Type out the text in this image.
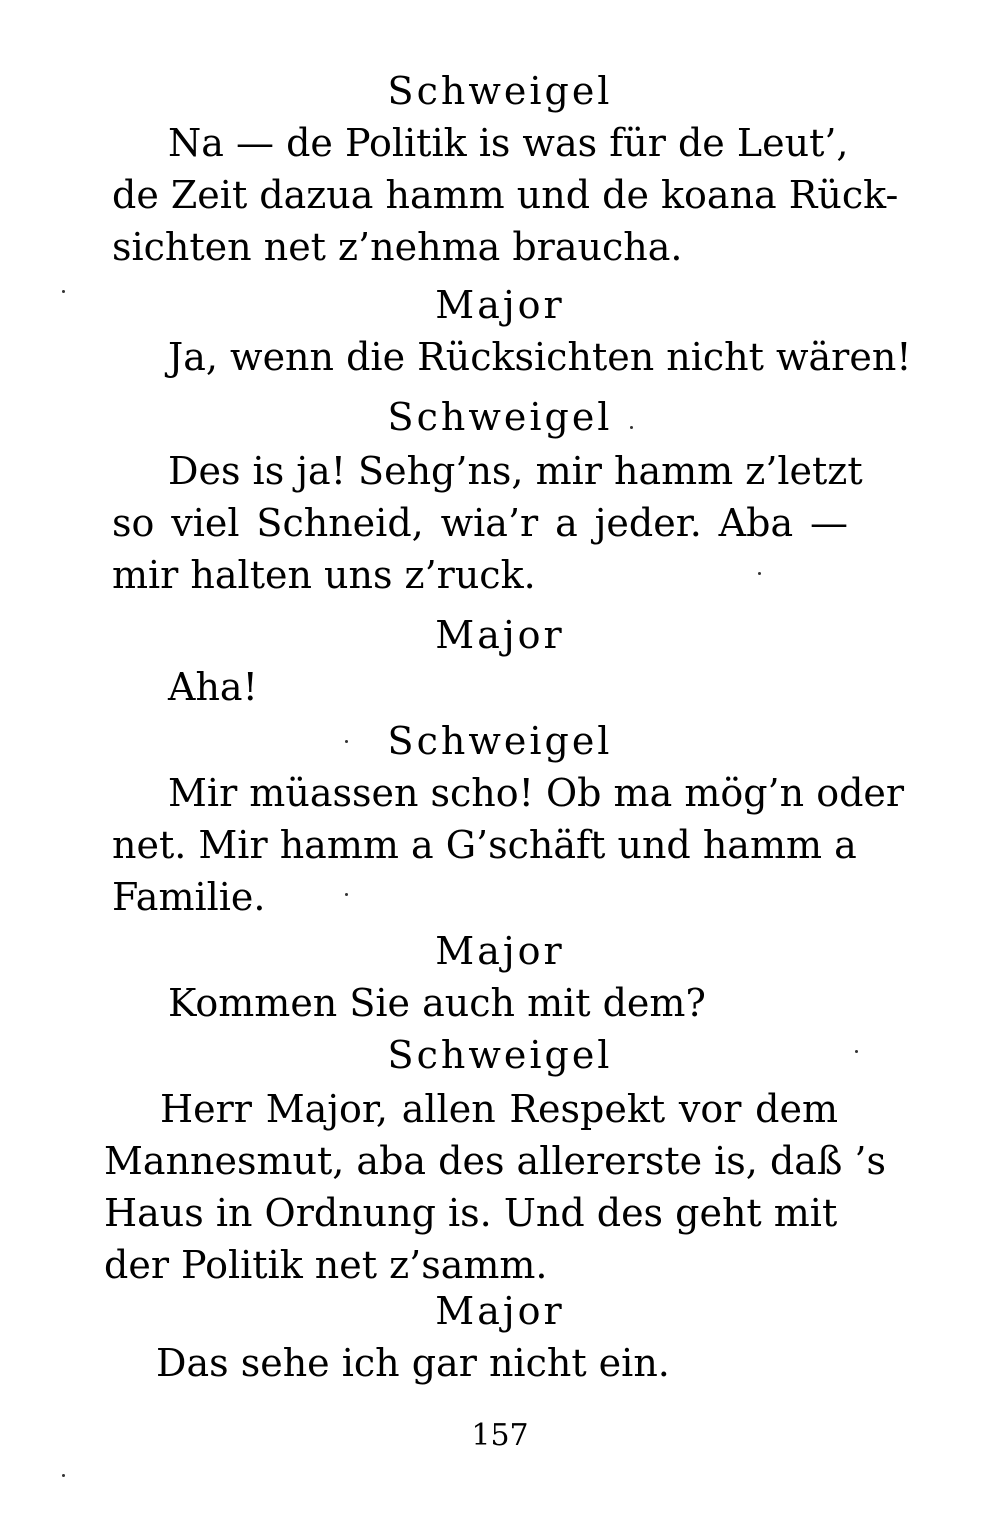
Schweigel
Na — de Politik is was für de Leut’,
de Zeit dazua hamm und de koana Rück-
sichten net z’nehma braucha.
Major
Ja, wenn die Rücksichten nicht wären!
Schweigel
Des is ja! Sehg’ns, mir hamm z’letzt
so viel Schneid, wia’r a jeder. Aba —
mir halten uns z’ruck.
Major
Aha!
Schweigel
Mir müassen scho! Ob ma mög’n oder
net. Mir hamm a G’schäft und hamm a
Familie.
Major
Kommen Sie auch mit dem?
Schweigel
Herr Major, allen Respekt vor dem
Mannesmut, aba des allererste is, daß ’s
Haus in Ordnung is. Und des geht mit
der Politik net z’samm.
Major
Das sehe ich gar nicht ein.
157
